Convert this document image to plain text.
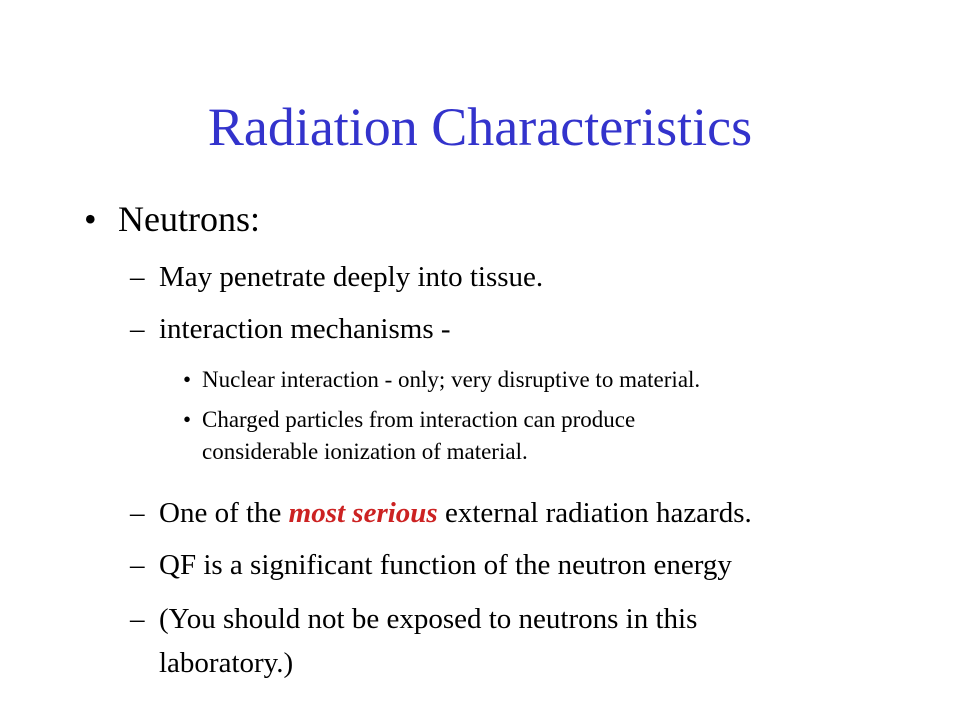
Radiation Characteristics
• Neutrons:
– May penetrate deeply into tissue.
– interaction mechanisms -
• Nuclear interaction - only; very disruptive to material.
• Charged particles from interaction can produce
considerable ionization of material.
– One of the most serious external radiation hazards.
– QF is a significant function of the neutron energy
– (You should not be exposed to neutrons in this
laboratory.)
